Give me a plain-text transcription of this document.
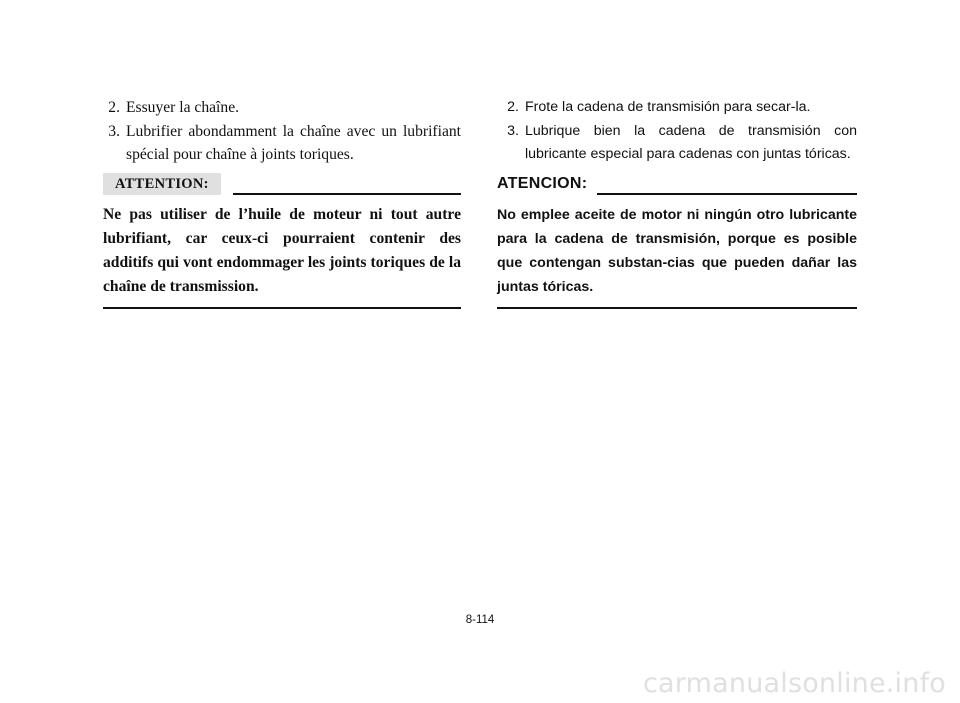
2. Essuyer la chaîne.
3. Lubrifier abondamment la chaîne avec un lubrifiant spécial pour chaîne à joints toriques.
ATTENTION:
Ne pas utiliser de l’huile de moteur ni tout autre lubrifiant, car ceux-ci pourraient contenir des additifs qui vont endommager les joints toriques de la chaîne de transmission.
2. Frote la cadena de transmisión para secar-la.
3. Lubrique bien la cadena de transmisión con lubricante especial para cadenas con juntas tóricas.
ATENCION:
No emplee aceite de motor ni ningún otro lubricante para la cadena de transmisión, porque es posible que contengan substan-cias que pueden dañar las juntas tóricas.
8-114
carmanualsonline.info
